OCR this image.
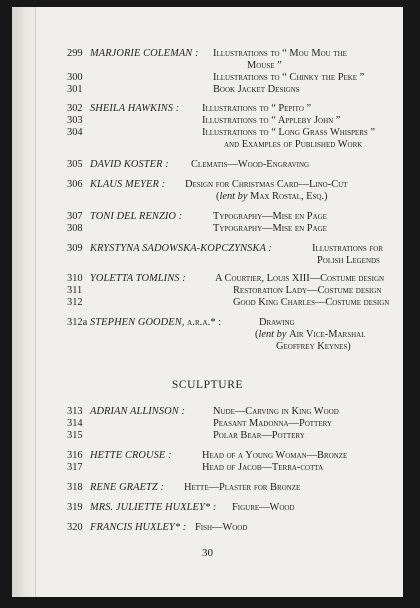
299 MARJORIE COLEMAN : Illustrations to “ Mou Mou the
Mouse ”
300	Illustrations to “ Chinky the Peke ”
301	Book Jacket Designs
302 SHEILA HAWKINS : Illustrations to “ Pepito ”
303	Illustrations to “ Appleby John ”
304	Illustrations to “ Long Grass Whispers ”
and Examples of Published Work
305 DAVID KOSTER : Clematis—Wood-Engraving
306 KLAUS MEYER : Design for Christmas Card—Lino-Cut
(lent by Max Rostal, Esq.)
307 TONI DEL RENZIO :	Typography—Mise en Page
308	Typography—Mise en Page
309 KRYSTYNA SADOWSKA-KOPCZYNSKA :	Illustrations for
Polish Legends
310 YOLETTA TOMLINS :	A Courtier, Louis XIII—Costume design
311	Restoration Lady—Costume design
312	Good King Charles—Costume design
312a STEPHEN GOODEN, a.r.a.* :	Drawing
(lent by Air Vice-Marshal
Geoffrey Keynes)
SCULPTURE
313 ADRIAN ALLINSON :	Nude—Carving in King Wood
314	Peasant Madonna—Pottery
315	Polar Bear—Pottery
316 HETTE CROUSE :	Head of a Young Woman—Bronze
317	Head of Jacob—Terra-cotta
318 RENE GRAETZ : Hette—Plaster for Bronze
319 MRS. JULIETTE HUXLEY* : Figure—Wood
320 FRANCIS HUXLEY* : Fish—Wood
30
